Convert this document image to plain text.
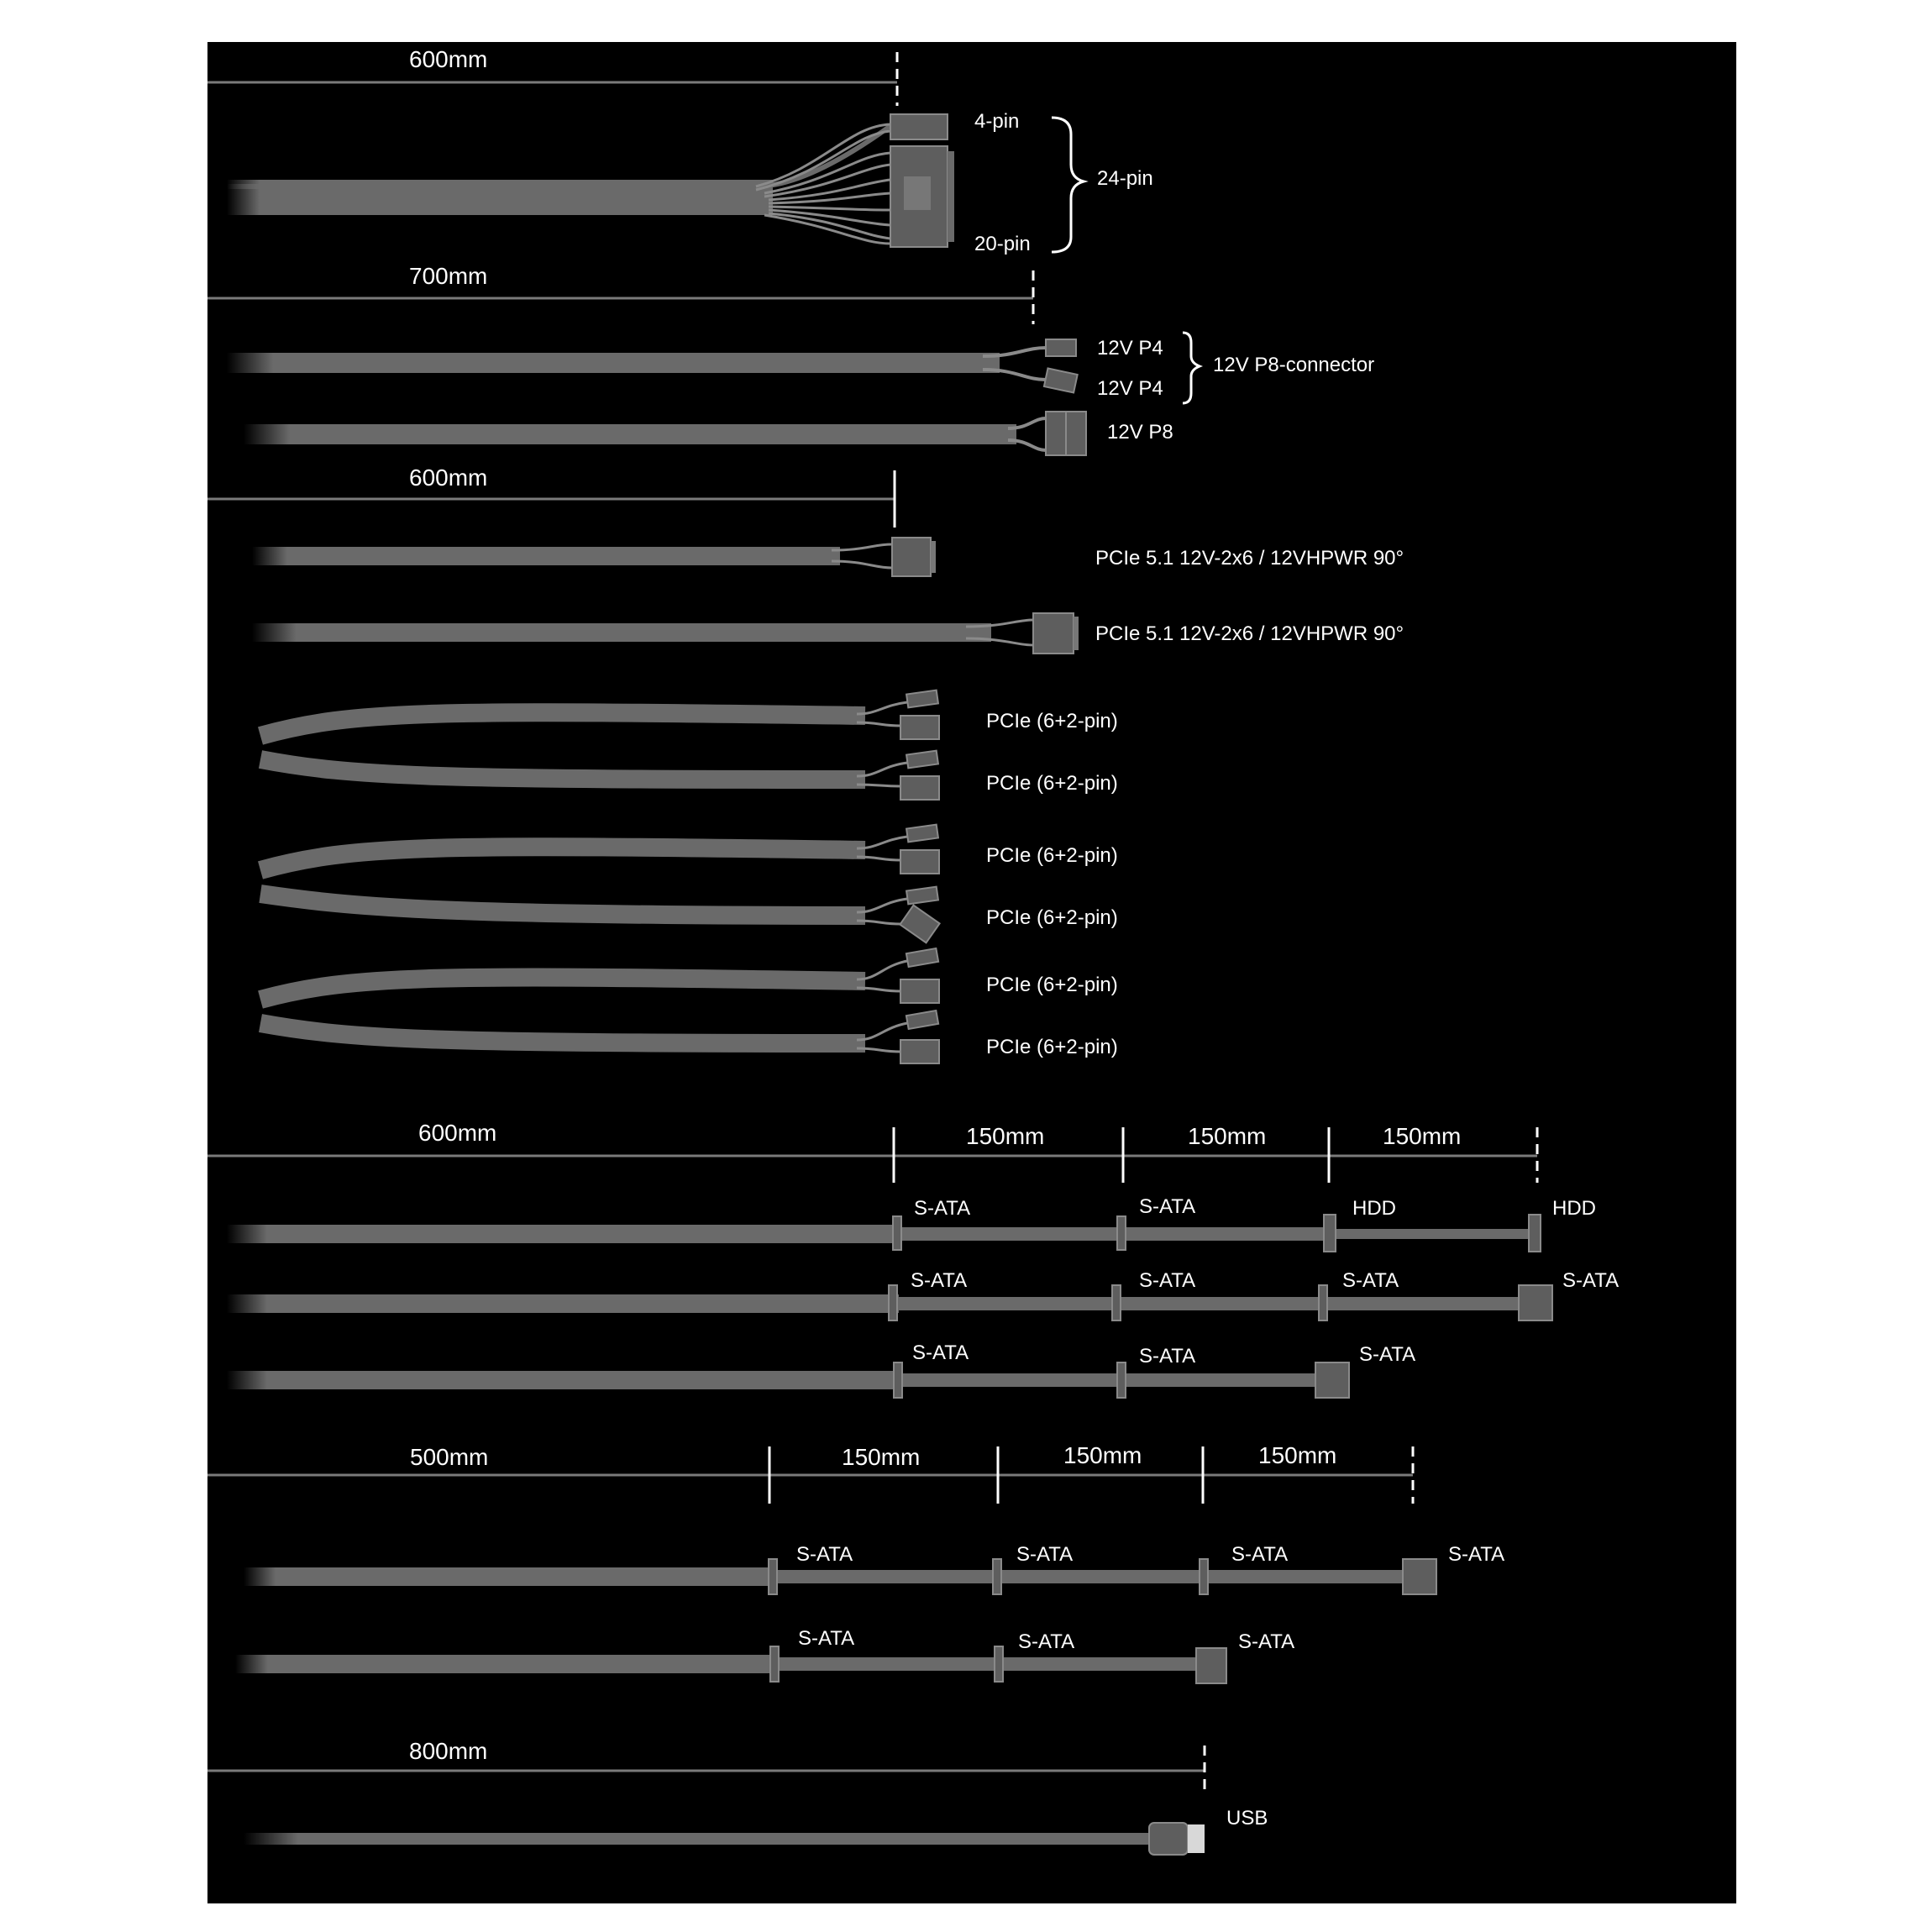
600mm
4-pin
20-pin
24-pin
700mm
12V P4
12V P4
12V P8-connector
12V P8
600mm
PCIe 5.1 12V-2x6 / 12VHPWR 90°
PCIe 5.1 12V-2x6 / 12VHPWR 90°
PCIe (6+2-pin)
PCIe (6+2-pin)
PCIe (6+2-pin)
PCIe (6+2-pin)
PCIe (6+2-pin)
PCIe (6+2-pin)
600mm	150mm	150mm	150mm
S-ATA	S-ATA	HDD	HDD
S-ATA	S-ATA	S-ATA	S-ATA
S-ATA	S-ATA	S-ATA
500mm	150mm	150mm	150mm
S-ATA	S-ATA	S-ATA	S-ATA
S-ATA	S-ATA	S-ATA
800mm
USB
